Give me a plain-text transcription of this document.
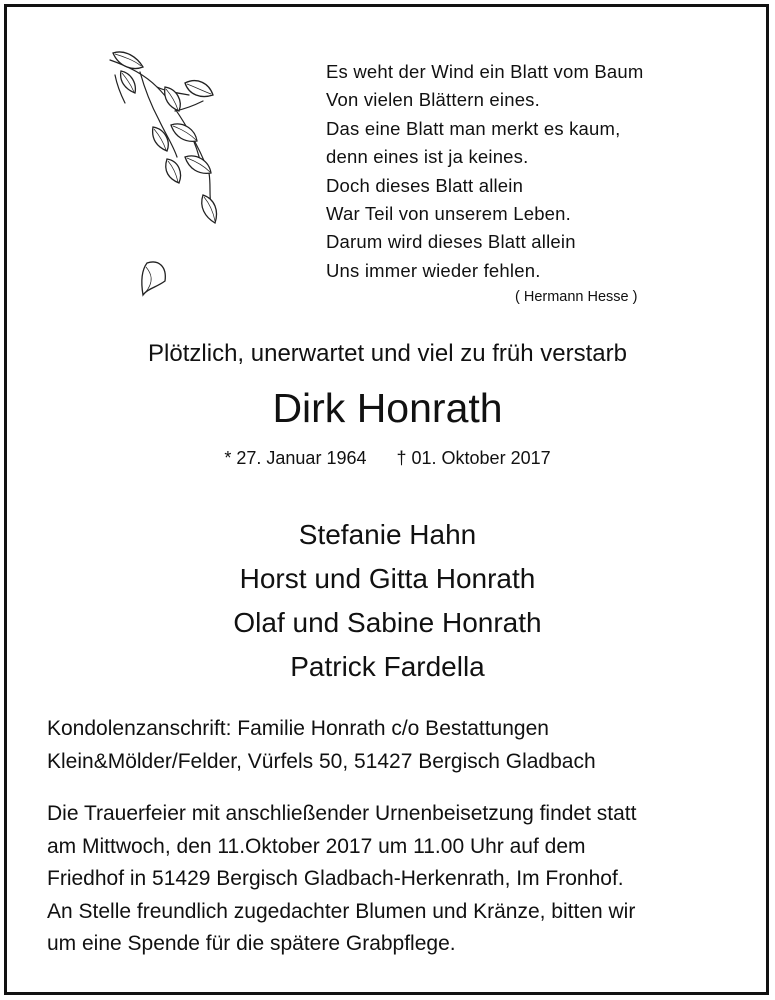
Es weht der Wind ein Blatt vom Baum
Von vielen Blättern eines.
Das eine Blatt man merkt es kaum,
denn eines ist ja keines.
Doch dieses Blatt allein
War Teil von unserem Leben.
Darum wird dieses Blatt allein
Uns immer wieder fehlen.
( Hermann Hesse )
Plötzlich, unerwartet und viel zu früh verstarb
Dirk Honrath
* 27. Januar 1964 † 01. Oktober 2017
Stefanie Hahn
Horst und Gitta Honrath
Olaf und Sabine Honrath
Patrick Fardella
Kondolenzanschrift: Familie Honrath c/o Bestattungen
Klein&Mölder/Felder, Vürfels 50, 51427 Bergisch Gladbach
Die Trauerfeier mit anschließender Urnenbeisetzung findet statt
am Mittwoch, den 11.Oktober 2017 um 11.00 Uhr auf dem
Friedhof in 51429 Bergisch Gladbach-Herkenrath, Im Fronhof.
An Stelle freundlich zugedachter Blumen und Kränze, bitten wir
um eine Spende für die spätere Grabpflege.
